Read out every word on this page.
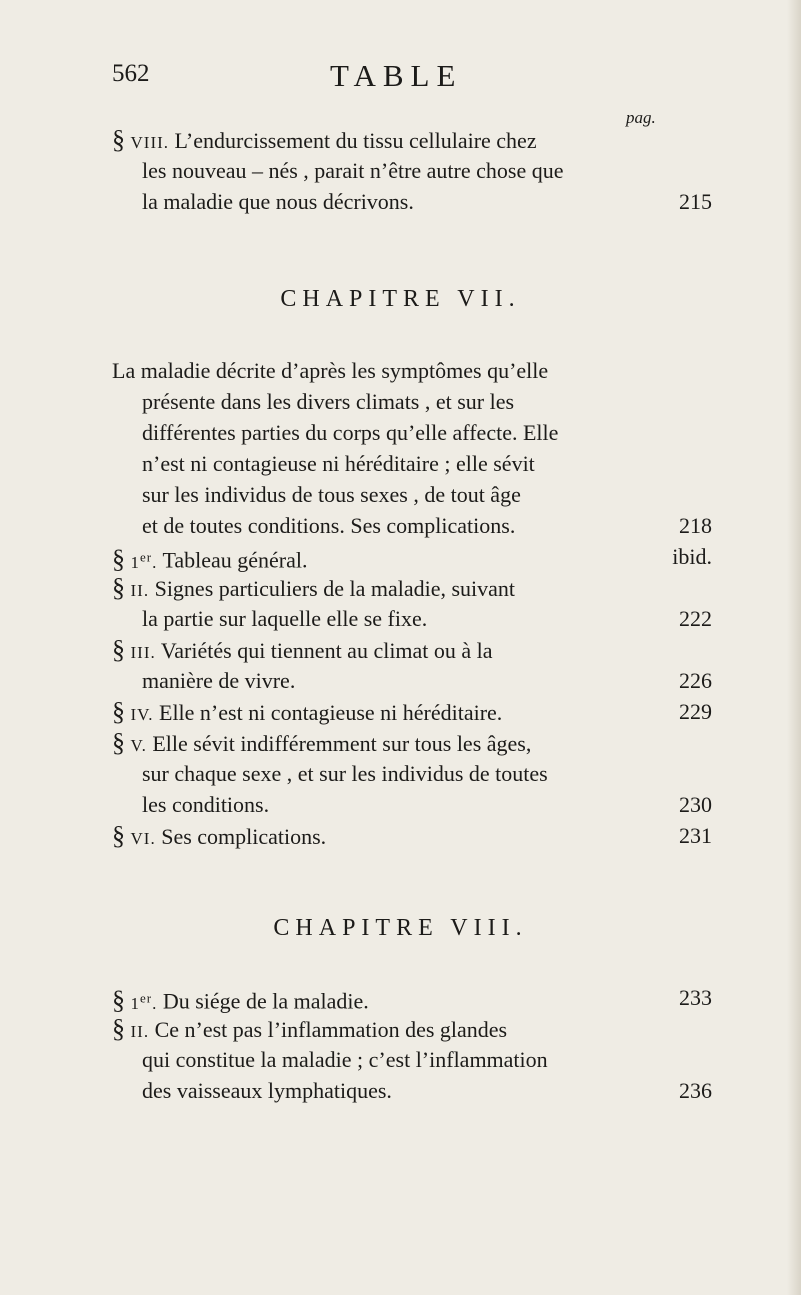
562	TABLE
pag.
§ VIII. L’endurcissement du tissu cellulaire chez
les nouveau – nés , parait n’être autre chose que
la maladie que nous décrivons.	215
CHAPITRE VII.
La maladie décrite d’après les symptômes qu’elle
présente dans les divers climats , et sur les
différentes parties du corps qu’elle affecte. Elle
n’est ni contagieuse ni héréditaire ; elle sévit
sur les individus de tous sexes , de tout âge
et de toutes conditions. Ses complications.	218
§ 1er. Tableau général.	ibid.
§ II. Signes particuliers de la maladie, suivant
la partie sur laquelle elle se fixe.	222
§ III. Variétés qui tiennent au climat ou à la
manière de vivre.	226
§ IV. Elle n’est ni contagieuse ni héréditaire.	229
§ V. Elle sévit indifféremment sur tous les âges,
sur chaque sexe , et sur les individus de toutes
les conditions.	230
§ VI. Ses complications.	231
CHAPITRE VIII.
§ 1er. Du siége de la maladie.	233
§ II. Ce n’est pas l’inflammation des glandes
qui constitue la maladie ; c’est l’inflammation
des vaisseaux lymphatiques.	236
